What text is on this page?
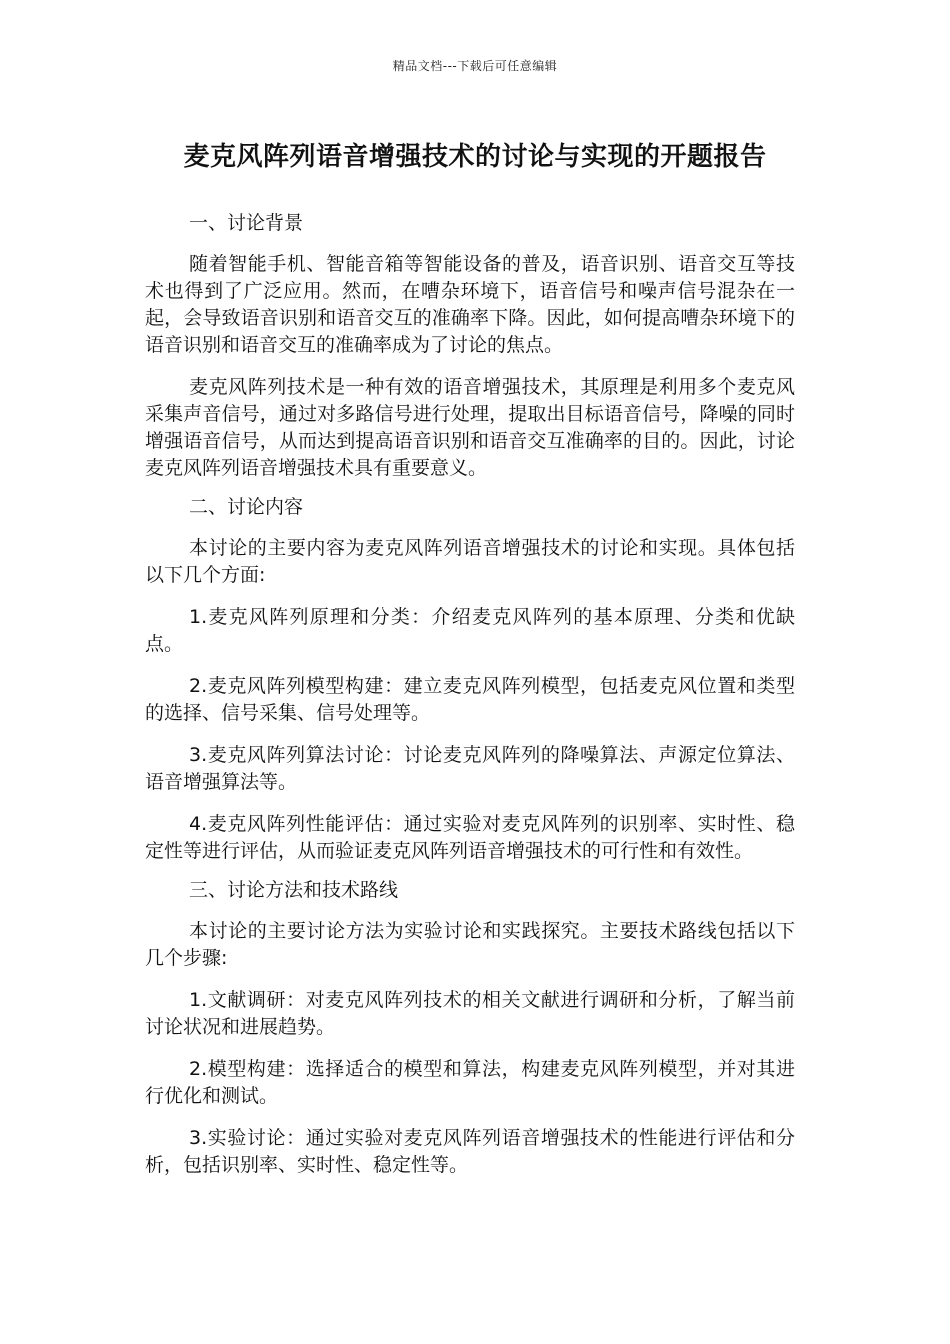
精品文档---下载后可任意编辑
麦克风阵列语音增强技术的讨论与实现的开题报告

一、讨论背景

随着智能手机、智能音箱等智能设备的普及，语音识别、语音交互等技术也得到了广泛应用。然而，在嘈杂环境下，语音信号和噪声信号混杂在一起，会导致语音识别和语音交互的准确率下降。因此，如何提高嘈杂环境下的语音识别和语音交互的准确率成为了讨论的焦点。

麦克风阵列技术是一种有效的语音增强技术，其原理是利用多个麦克风采集声音信号，通过对多路信号进行处理，提取出目标语音信号，降噪的同时增强语音信号，从而达到提高语音识别和语音交互准确率的目的。因此，讨论麦克风阵列语音增强技术具有重要意义。

二、讨论内容

本讨论的主要内容为麦克风阵列语音增强技术的讨论和实现。具体包括以下几个方面:

1.麦克风阵列原理和分类：介绍麦克风阵列的基本原理、分类和优缺点。

2.麦克风阵列模型构建：建立麦克风阵列模型，包括麦克风位置和类型的选择、信号采集、信号处理等。

3.麦克风阵列算法讨论：讨论麦克风阵列的降噪算法、声源定位算法、语音增强算法等。

4.麦克风阵列性能评估：通过实验对麦克风阵列的识别率、实时性、稳定性等进行评估，从而验证麦克风阵列语音增强技术的可行性和有效性。

三、讨论方法和技术路线

本讨论的主要讨论方法为实验讨论和实践探究。主要技术路线包括以下几个步骤:

1.文献调研：对麦克风阵列技术的相关文献进行调研和分析，了解当前讨论状况和进展趋势。

2.模型构建：选择适合的模型和算法，构建麦克风阵列模型，并对其进行优化和测试。

3.实验讨论：通过实验对麦克风阵列语音增强技术的性能进行评估和分析，包括识别率、实时性、稳定性等。
